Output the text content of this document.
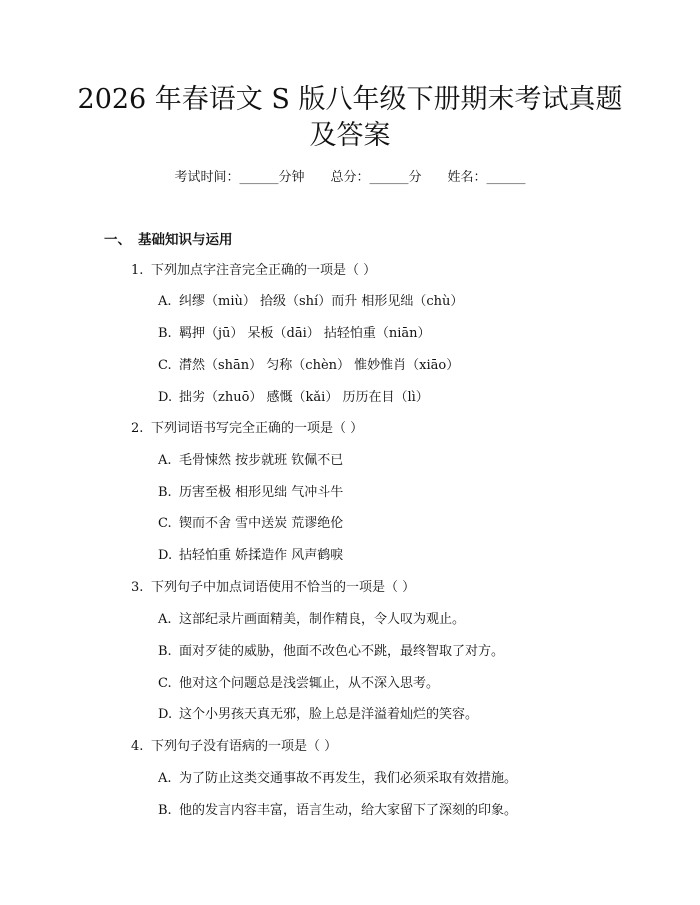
2026 年春语文 S 版八年级下册期末考试真题
及答案
考试时间：______分钟 总分：______分 姓名：______
一、 基础知识与运用
1. 下列加点字注音完全正确的一项是（ ）
A. 纠缪（miù） 拾级（shí）而升 相形见绌（chù）
B. 羁押（jū） 呆板（dāi） 拈轻怕重（niān）
C. 潸然（shān） 匀称（chèn） 惟妙惟肖（xiāo）
D. 拙劣（zhuō） 感慨（kǎi） 历历在目（lì）
2. 下列词语书写完全正确的一项是（ ）
A. 毛骨悚然 按步就班 钦佩不已
B. 历害至极 相形见绌 气冲斗牛
C. 锲而不舍 雪中送炭 荒谬绝伦
D. 拈轻怕重 娇揉造作 风声鹤唳
3. 下列句子中加点词语使用不恰当的一项是（ ）
A. 这部纪录片画面精美，制作精良，令人叹为观止。
B. 面对歹徒的威胁，他面不改色心不跳，最终智取了对方。
C. 他对这个问题总是浅尝辄止，从不深入思考。
D. 这个小男孩天真无邪，脸上总是洋溢着灿烂的笑容。
4. 下列句子没有语病的一项是（ ）
A. 为了防止这类交通事故不再发生，我们必须采取有效措施。
B. 他的发言内容丰富，语言生动，给大家留下了深刻的印象。
